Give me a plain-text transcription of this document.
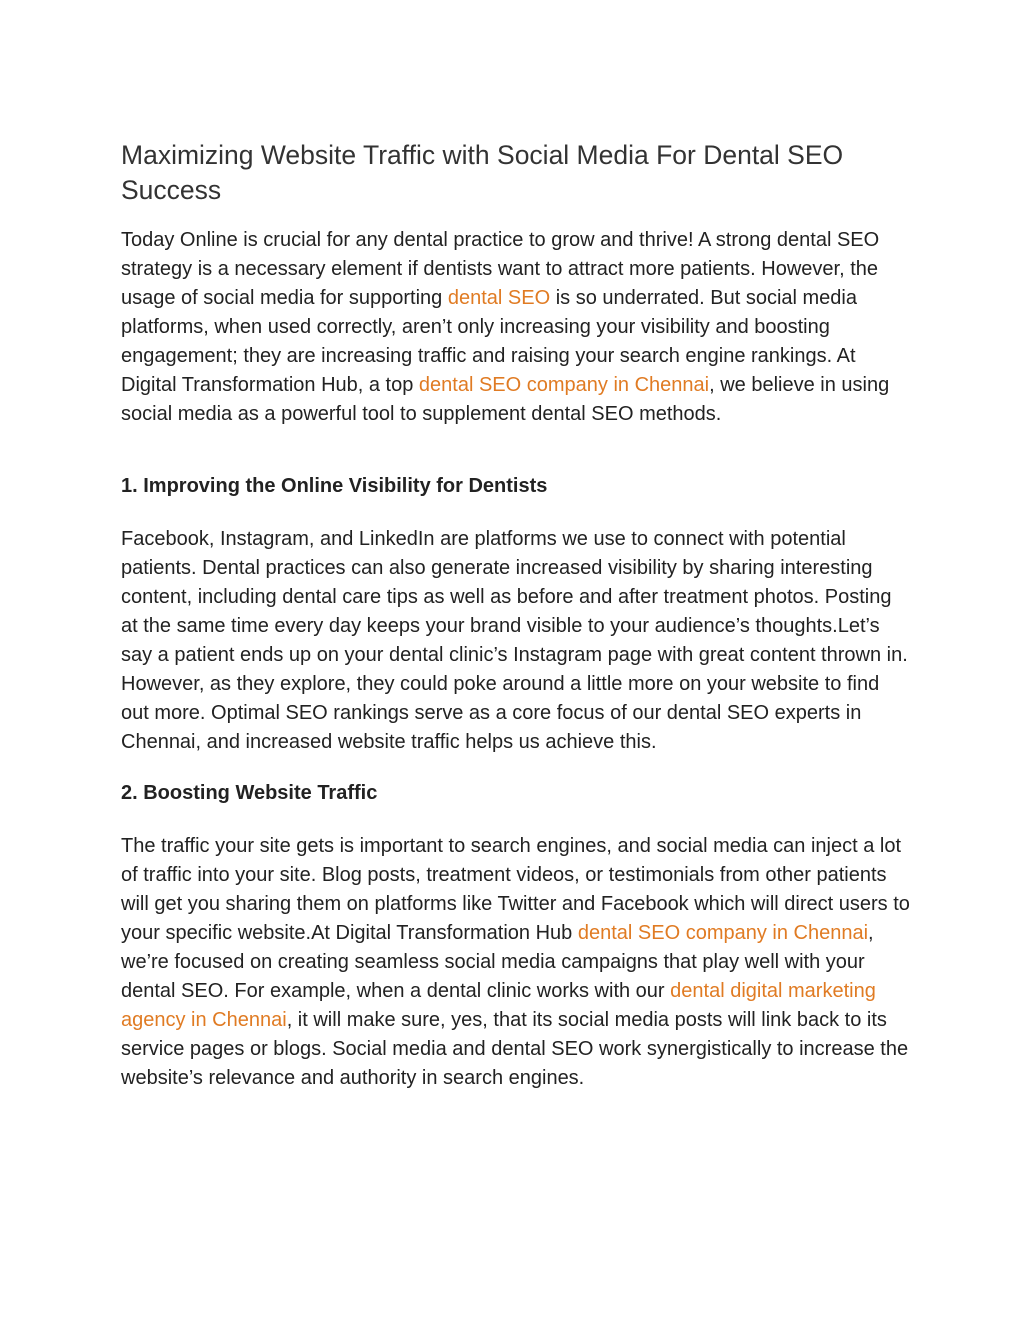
Maximizing Website Traffic with Social Media For Dental SEO Success

Today Online is crucial for any dental practice to grow and thrive! A strong dental SEO strategy is a necessary element if dentists want to attract more patients. However, the usage of social media for supporting dental SEO is so underrated. But social media platforms, when used correctly, aren’t only increasing your visibility and boosting engagement; they are increasing traffic and raising your search engine rankings. At Digital Transformation Hub, a top dental SEO company in Chennai, we believe in using social media as a powerful tool to supplement dental SEO methods.

1. Improving the Online Visibility for Dentists

Facebook, Instagram, and LinkedIn are platforms we use to connect with potential patients. Dental practices can also generate increased visibility by sharing interesting content, including dental care tips as well as before and after treatment photos. Posting at the same time every day keeps your brand visible to your audience’s thoughts.Let’s say a patient ends up on your dental clinic’s Instagram page with great content thrown in. However, as they explore, they could poke around a little more on your website to find out more. Optimal SEO rankings serve as a core focus of our dental SEO experts in Chennai, and increased website traffic helps us achieve this.

2. Boosting Website Traffic

The traffic your site gets is important to search engines, and social media can inject a lot of traffic into your site. Blog posts, treatment videos, or testimonials from other patients will get you sharing them on platforms like Twitter and Facebook which will direct users to your specific website.At Digital Transformation Hub dental SEO company in Chennai, we’re focused on creating seamless social media campaigns that play well with your dental SEO. For example, when a dental clinic works with our dental digital marketing agency in Chennai, it will make sure, yes, that its social media posts will link back to its service pages or blogs. Social media and dental SEO work synergistically to increase the website’s relevance and authority in search engines.
